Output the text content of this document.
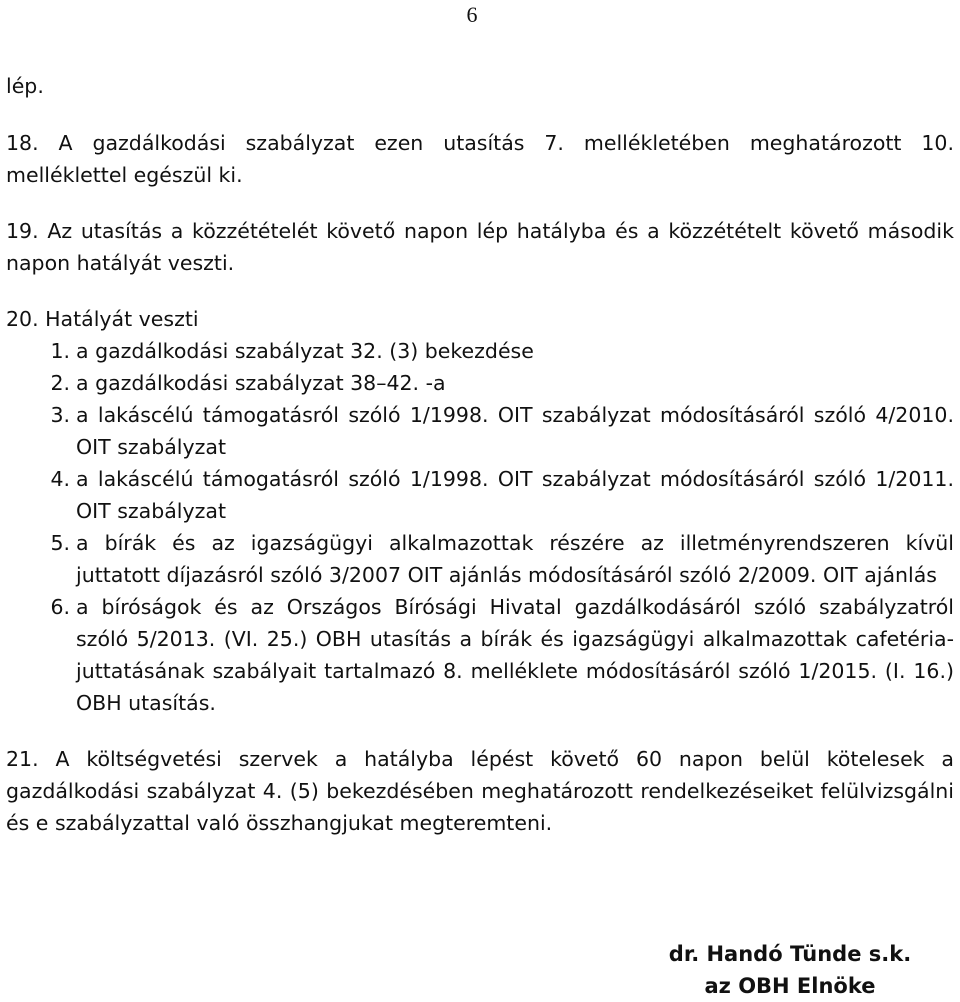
6

lép.

18. A gazdálkodási szabályzat ezen utasítás 7. mellékletében meghatározott 10. melléklettel egészül ki.

19. Az utasítás a közzétételét követő napon lép hatályba és a közzétételt követő második napon hatályát veszti.

20. Hatályát veszti

1. a gazdálkodási szabályzat 32. (3) bekezdése
2. a gazdálkodási szabályzat 38–42. -a
3. a lakáscélú támogatásról szóló 1/1998. OIT szabályzat módosításáról szóló 4/2010. OIT szabályzat
4. a lakáscélú támogatásról szóló 1/1998. OIT szabályzat módosításáról szóló 1/2011. OIT szabályzat
5. a bírák és az igazságügyi alkalmazottak részére az illetményrendszeren kívül juttatott díjazásról szóló 3/2007 OIT ajánlás módosításáról szóló 2/2009. OIT ajánlás
6. a bíróságok és az Országos Bírósági Hivatal gazdálkodásáról szóló szabályzatról szóló 5/2013. (VI. 25.) OBH utasítás a bírák és igazságügyi alkalmazottak cafetéria-juttatásának szabályait tartalmazó 8. melléklete módosításáról szóló 1/2015. (I. 16.) OBH utasítás.

21. A költségvetési szervek a hatályba lépést követő 60 napon belül kötelesek a gazdálkodási szabályzat 4. (5) bekezdésében meghatározott rendelkezéseiket felülvizsgálni és e szabályzattal való összhangjukat megteremteni.

dr. Handó Tünde s.k.
az OBH Elnöke
